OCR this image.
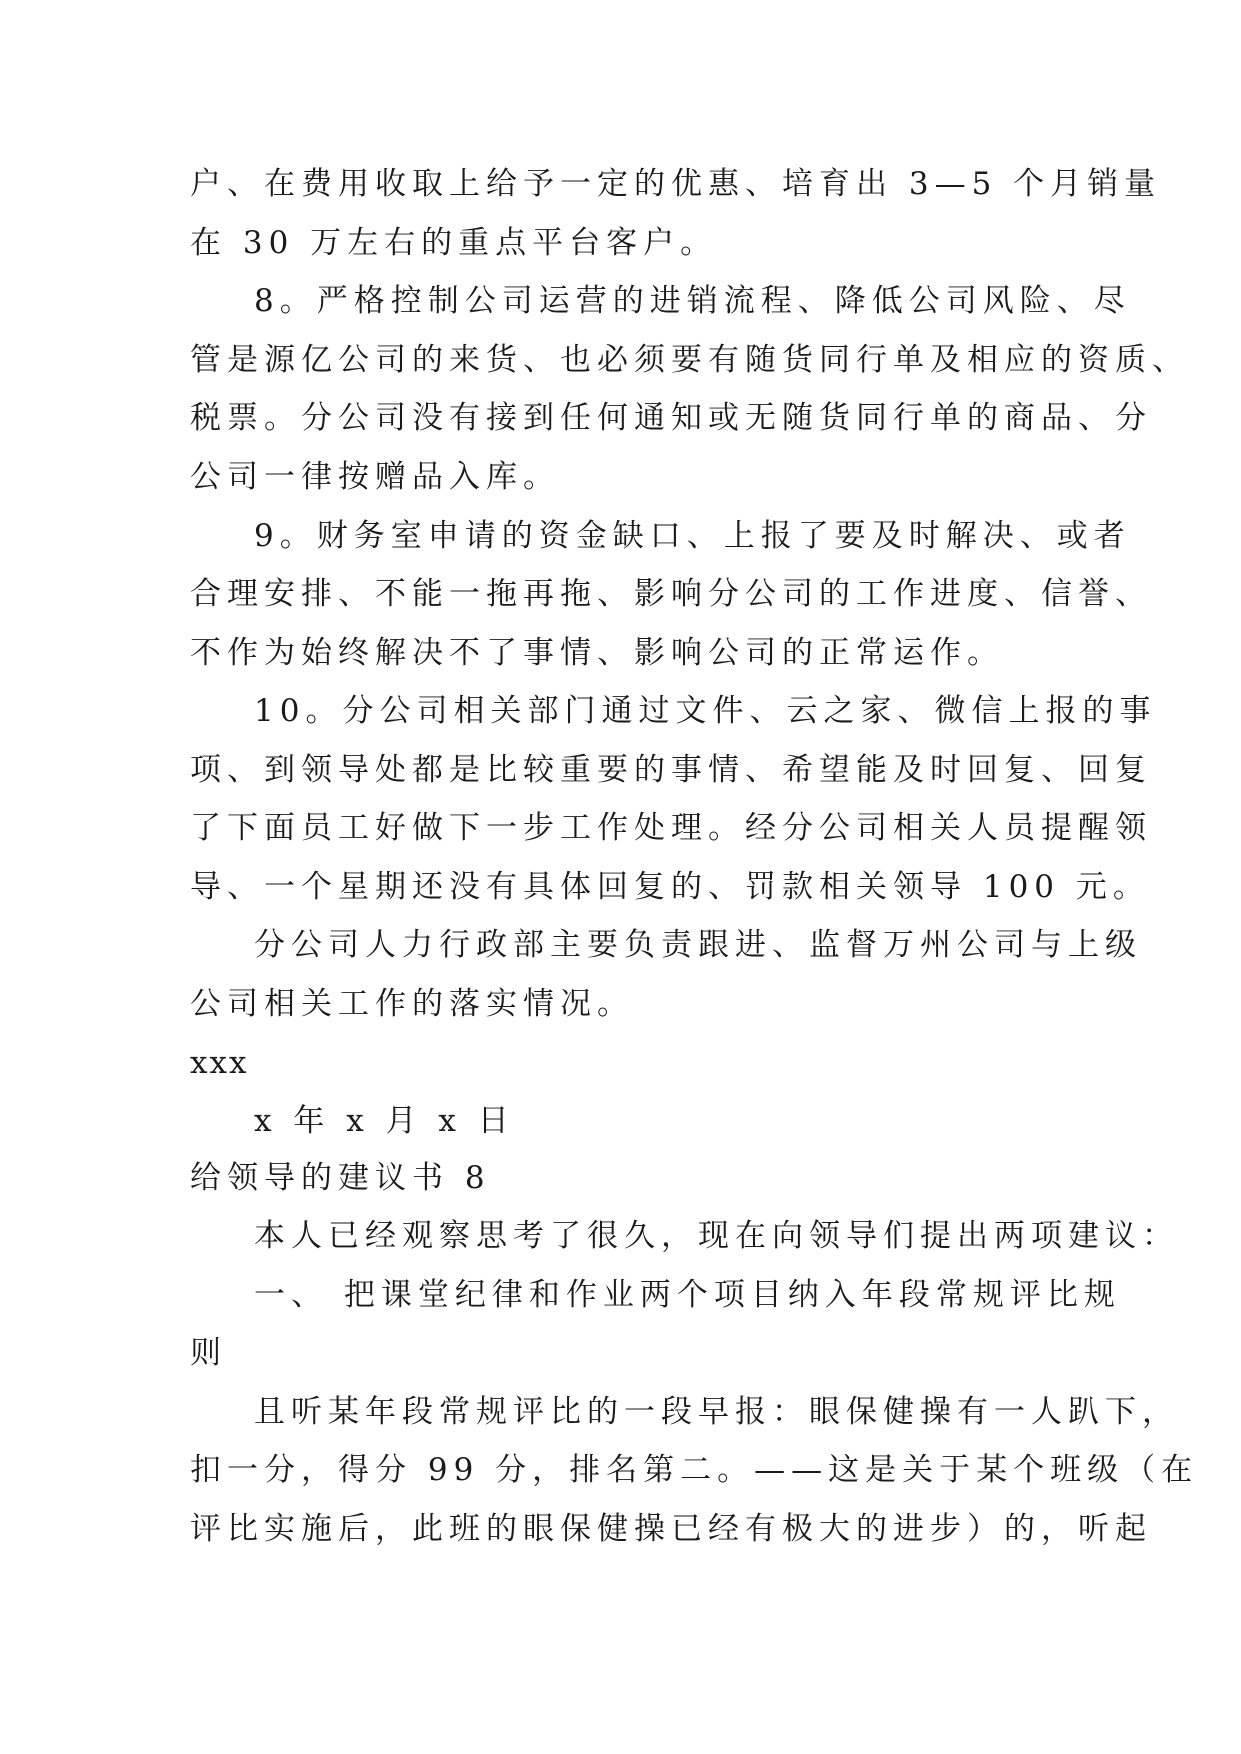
户、在费用收取上给予一定的优惠、培育出 3—5 个月销量
在 30 万左右的重点平台客户。
8。严格控制公司运营的进销流程、降低公司风险、尽
管是源亿公司的来货、也必须要有随货同行单及相应的资质、
税票。分公司没有接到任何通知或无随货同行单的商品、分
公司一律按赠品入库。
9。财务室申请的资金缺口、上报了要及时解决、或者
合理安排、不能一拖再拖、影响分公司的工作进度、信誉、
不作为始终解决不了事情、影响公司的正常运作。
10。分公司相关部门通过文件、云之家、微信上报的事
项、到领导处都是比较重要的事情、希望能及时回复、回复
了下面员工好做下一步工作处理。经分公司相关人员提醒领
导、一个星期还没有具体回复的、罚款相关领导 100 元。
分公司人力行政部主要负责跟进、监督万州公司与上级
公司相关工作的落实情况。
xxx
x 年 x 月 x 日
给领导的建议书 8
本人已经观察思考了很久，现在向领导们提出两项建议：
一、 把课堂纪律和作业两个项目纳入年段常规评比规
则
且听某年段常规评比的一段早报：眼保健操有一人趴下，
扣一分，得分 99 分，排名第二。——这是关于某个班级（在
评比实施后，此班的眼保健操已经有极大的进步）的，听起
